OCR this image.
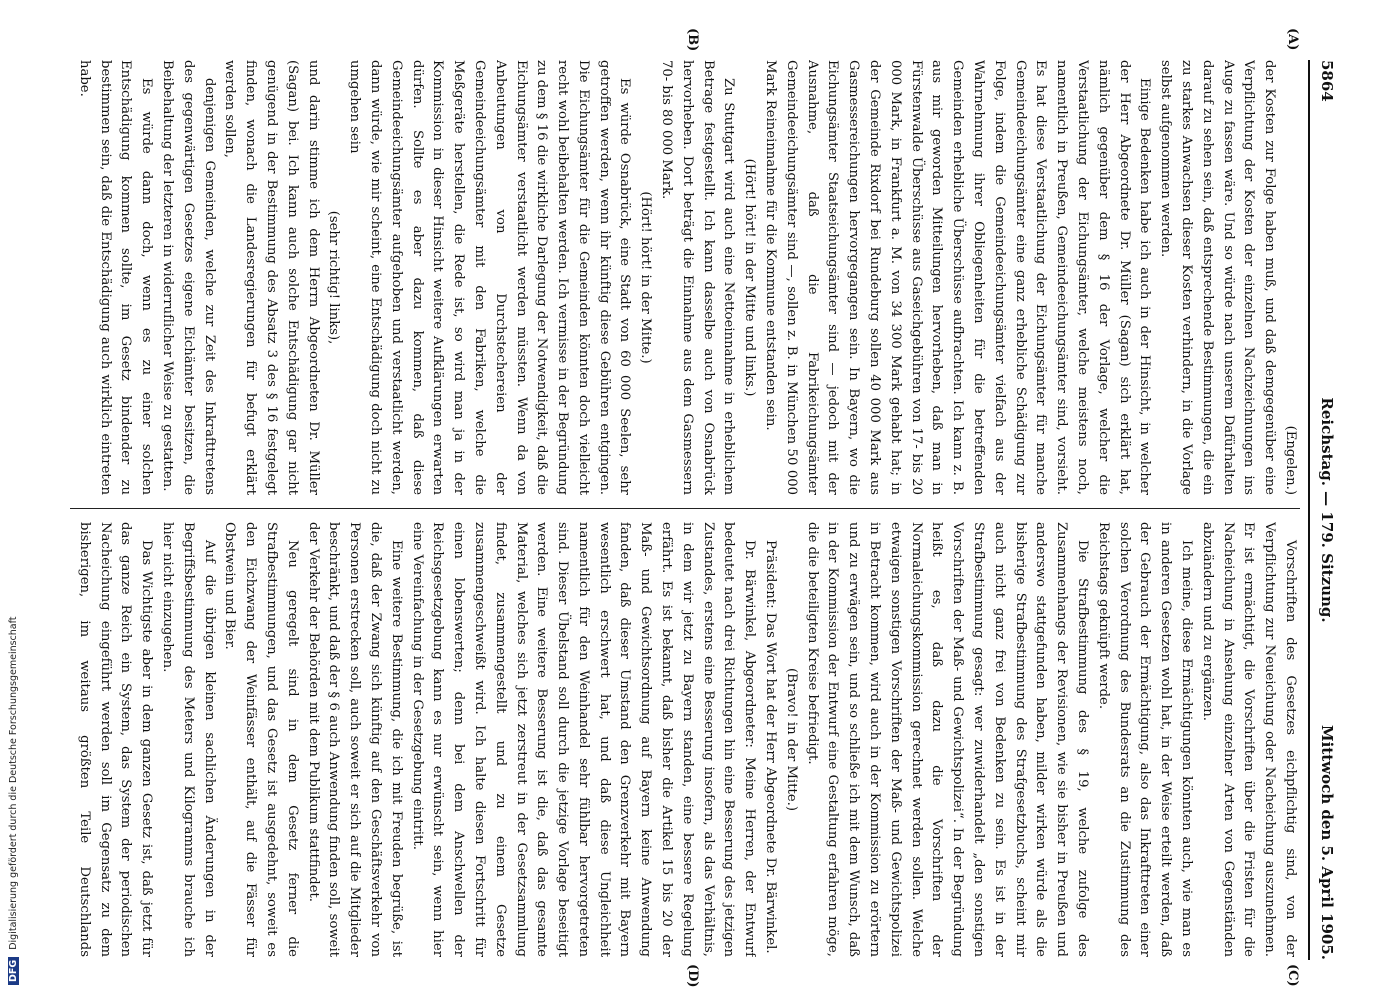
5864
Reichstag. — 179. Sitzung.
Mittwoch den 5. April 1905.

(Engelen.)

der Kosten zur Folge haben muß, und daß demgegenüber eine Verpflichtung der Kosten der einzelnen Nachzeichnungen ins Auge zu fassen wäre. Und so würde nach unserem Dafürhalten darauf zu sehen sein, daß entsprechende Bestimmungen, die ein zu starkes Anwachsen dieser Kosten verhindern, in die Vorlage selbst aufgenommen werden.

Einige Bedenken habe ich auch in der Hinsicht, in welcher der Herr Abgeordnete Dr. Müller (Sagan) sich erklärt hat, nämlich gegenüber dem § 16 der Vorlage, welcher die Verstaatlichung der Eichungsämter, welche meistens noch, namentlich in Preußen, Gemeindeeichungsämter sind, vorsieht. Es hat diese Verstaatlichung der Eichungsämter für manche Gemeindeeichungsämter eine ganz erhebliche Schädigung zur Folge, indem die Gemeindeeichungsämter vielfach aus der Wahrnehmung ihrer Obliegenheiten für die betreffenden Gemeinden erhebliche Überschüsse aufbrachten. Ich kann z. B. aus mir geworden Mitteilungen hervorheben, daß man in Fürstenwalde Überschüsse aus Gaseichgebühren von 17- bis 20 000 Mark, in Frankfurt a. M. von 34 300 Mark gehabt hat; in der Gemeinde Rixdorf bei Rundeburg sollen 40 000 Mark aus Gasmessereichungen hervorgegangen sein. In Bayern, wo die Eichungsämter Staatseichungsämter sind — jedoch mit der Ausnahme, daß die Fabrikeichungsämter Gemeindeeichungsämter sind —, sollen z. B. in München 50 000 Mark Reineinnahme für die Kommune entstanden sein.

(Hört! hört! in der Mitte und links.)

Zu Stuttgart wird auch eine Nettoeinnahme in erheblichem Betrage festgestellt. Ich kann dasselbe auch von Osnabrück hervorheben. Dort beträgt die Einnahme aus dem Gasmessern 70- bis 80 000 Mark.

(Hört! hört! in der Mitte.)

Es würde Osnabrück, eine Stadt von 60 000 Seelen, sehr getroffen werden, wenn ihr künftig diese Gebühren entgingen. Die Eichungsämter für die Gemeinden könnten doch vielleicht recht wohl beibehalten werden. Ich vermisse in der Begründung zu dem § 16 die wirkliche Darlegung der Notwendigkeit, daß die Eichungsämter verstaatlicht werden müssten. Wenn da von Anbeutungen von Durchstechereien der Gemeindeeichungsämter mit den Fabriken, welche die Meßgeräte herstellen, die Rede ist, so wird man ja in der Kommission in dieser Hinsicht weitere Aufklärungen erwarten dürfen. Sollte es aber dazu kommen, daß diese Gemeindeeichungsämter aufgehoben und verstaatlicht werden, dann würde, wie mir scheint, eine Entschädigung doch nicht zu umgehen sein

(sehr richtig! links),

und darin stimme ich dem Herrn Abgeordneten Dr. Müller (Sagan) bei. Ich kann auch solche Entschädigung gar nicht genügend in der Bestimmung des Absatz 3 des § 16 festgelegt finden, wonach die Landesregierungen für befugt erklärt werden sollen,

denjenigen Gemeinden, welche zur Zeit des Inkrafttretens des gegenwärtigen Gesetzes eigene Eichämter besitzen, die Beibehaltung der letzteren in widerruflicher Weise zu gestatten.

Es würde dann doch, wenn es zu einer solchen Entschädigung kommen sollte, im Gesetz bindender zu bestimmen sein, daß die Entschädigung auch wirklich eintreten habe.

Vorschriften des Gesetzes eichpflichtig sind, von der Verpflichtung zur Neueichung oder Nacheichung auszunehmen. Er ist ermächtigt, die Vorschriften über die Fristen für die Nacheichung in Ansehung einzelner Arten von Gegenständen abzuändern und zu ergänzen.

Ich meine, diese Ermächtigungen könnten auch, wie man es in anderen Gesetzen wohl hat, in der Weise erteilt werden, daß der Gebrauch der Ermächtigung, also das Inkrafttreten einer solchen Verordnung des Bundesrats an die Zustimmung des Reichstags geknüpft werde.

Die Strafbestimmung des § 19, welche zufolge des Zusammenhangs der Revisionen, wie sie bisher in Preußen und anderswo stattgefunden haben, milder wirken würde als die bisherige Strafbestimmung des Strafgesetzbuchs, scheint mir auch nicht ganz frei von Bedenken zu sein. Es ist in der Strafbestimmung gesagt: wer zuwiderhandelt „den sonstigen Vorschriften der Maß- und Gewichtspolizei“. In der Begründung heißt es, daß dazu die Vorschriften der Normaleichungskommission gerechnet werden sollen. Welche etwaigen sonstigen Vorschriften der Maß- und Gewichtspolizei in Betracht kommen, wird auch in der Kommission zu erörtern und zu erwägen sein, und so schließe ich mit dem Wunsch, daß in der Kommission der Entwurf eine Gestaltung erfahren möge, die die beteiligten Kreise befriedigt.

(Bravo! in der Mitte.)

Präsident: Das Wort hat der Herr Abgeordnete Dr. Bärwinkel.

Dr. Bärwinkel, Abgeordneter: Meine Herren, der Entwurf bedeutet nach drei Richtungen hin eine Besserung des jetzigen Zustandes, erstens eine Besserung insofern, als das Verhältnis, in dem wir jetzt zu Bayern standen, eine bessere Regelung erfährt. Es ist bekannt, daß bisher die Artikel 15 bis 20 der Maß- und Gewichtsordnung auf Bayern keine Anwendung fanden, daß dieser Umstand den Grenzverkehr mit Bayern wesentlich erschwert hat, und daß diese Ungleichheit namentlich für den Weinhandel sehr fühlbar hervorgetreten sind. Dieser Übelstand soll durch die jetzige Vorlage beseitigt werden. Eine weitere Besserung ist die, daß das gesamte Material, welches sich jetzt zerstreut in der Gesetzsammlung findet, zusammengestellt und zu einem Gesetze zusammengeschweißt wird. Ich halte diesen Fortschritt für einen lobenswerten; denn bei dem Anschwellen der Reichsgesetzgebung kann es nur erwünscht sein, wenn hier eine Vereinfachung in der Gesetzgebung eintritt.

Eine weitere Bestimmung, die ich mit Freuden begrüße, ist die, daß der Zwang sich künftig auf den Geschäftsverkehr von Personen erstrecken soll, auch soweit er sich auf die Mitglieder beschränkt, und daß der § 6 auch Anwendung finden soll, soweit der Verkehr der Behörden mit dem Publikum stattfindet.

Neu geregelt sind in dem Gesetz ferner die Strafbestimmungen, und das Gesetz ist ausgedehnt, soweit es den Eichzwang der Weinfässer enthält, auf die Fässer für Obstwein und Bier.

Auf die übrigen kleinen sachlichen Änderungen in der Begriffsbestimmung des Meters und Kilogramms brauche ich hier nicht einzugehen.

Das Wichtigste aber in dem ganzen Gesetz ist, daß jetzt für das ganze Reich ein System, das System der periodischen Nacheichung eingeführt werden soll im Gegensatz zu dem bisherigen, im weitaus größten Teile Deutschlands

(A)
(B)
(C)
(D)
DFG Digitalisierung gefördert durch die Deutsche Forschungsgemeinschaft
